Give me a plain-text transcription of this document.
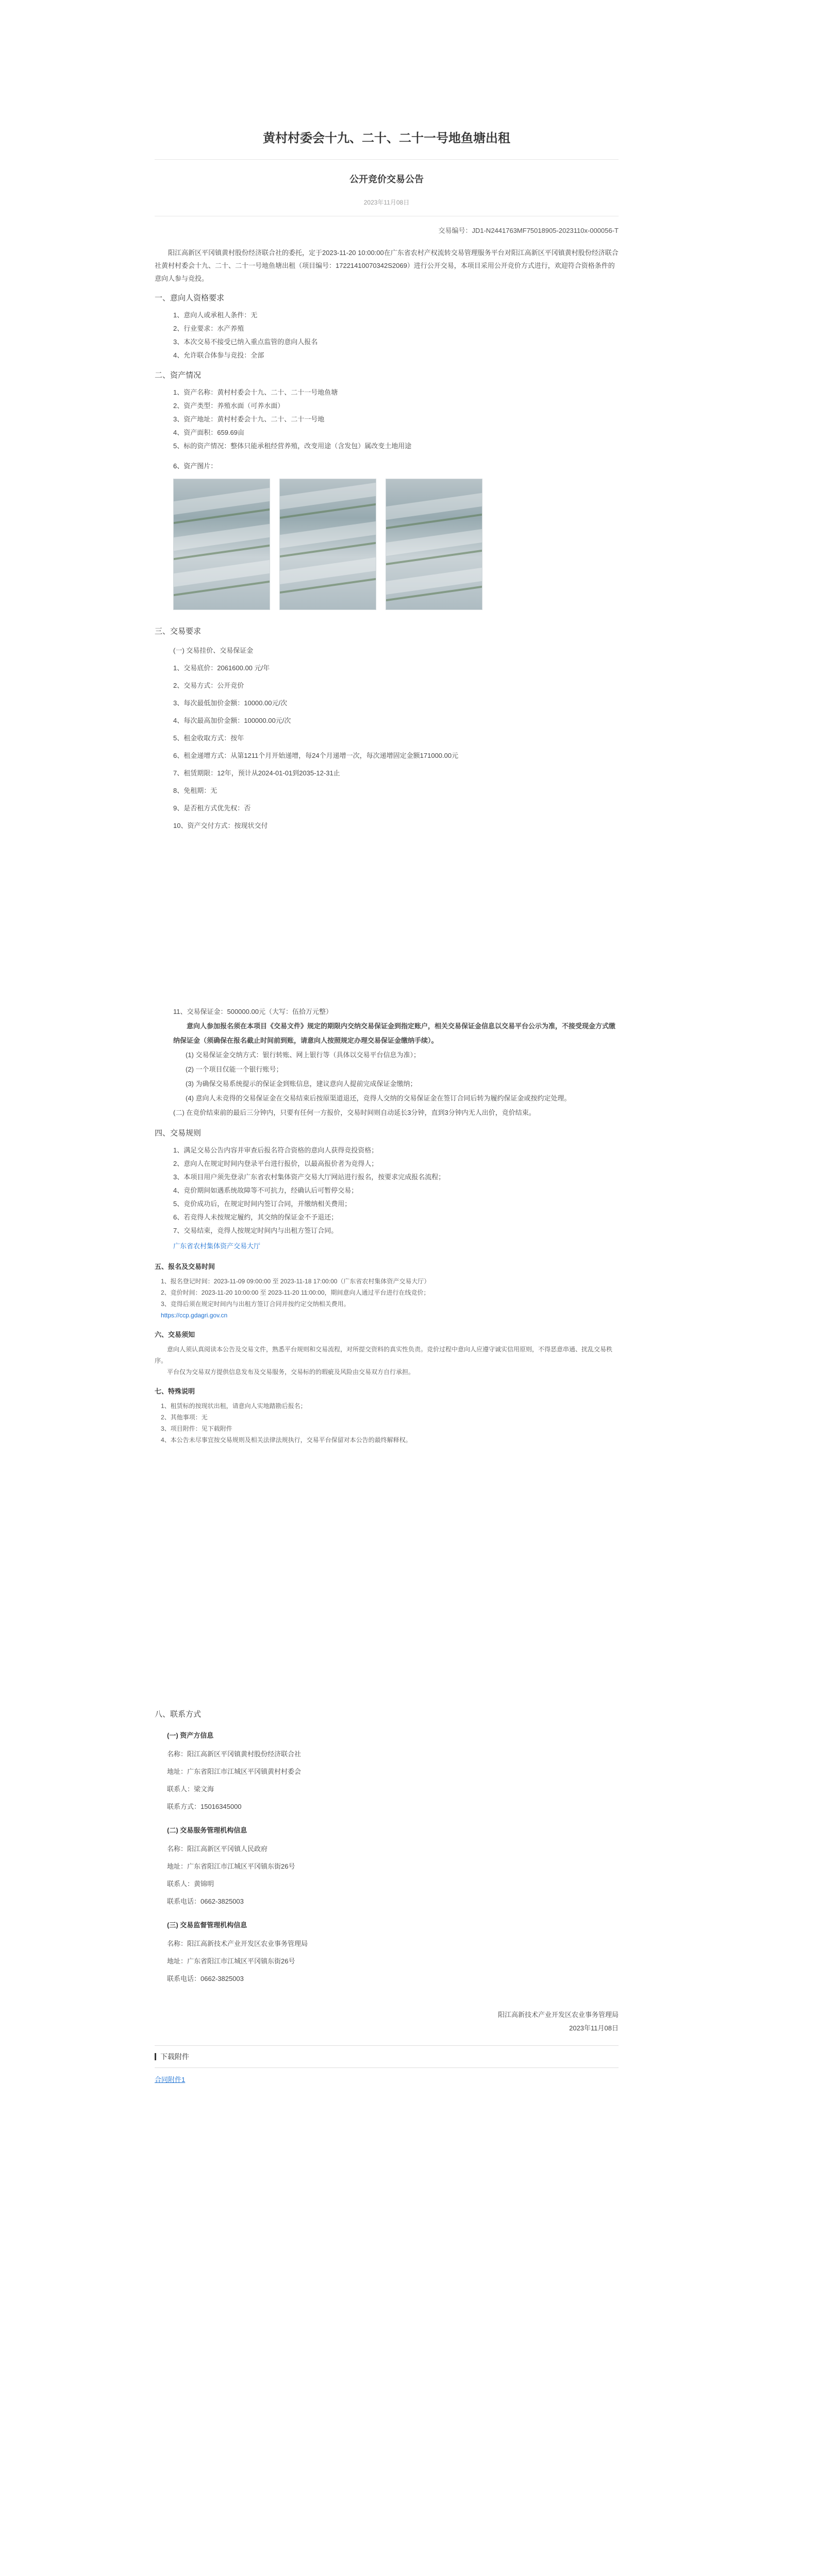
黄村村委会十九、二十、二十一号地鱼塘出租
公开竞价交易公告
2023年11月08日
交易编号：JD1-N2441763MF75018905-2023110x-000056-T

阳江高新区平冈镇黄村股份经济联合社的委托，定于2023-11-20 10:00:00在广东省农村产权流转交易管理服务平台对阳江高新区平冈镇黄村股份经济联合社黄村村委会十九、二十、二十一号地鱼塘出租（项目编号：17221410070342S2069）进行公开交易，本项目采用公开竞价方式进行，欢迎符合资格条件的意向人参与竞投。

一、意向人资格要求
1、意向人或承租人条件：无
2、行业要求：水产养殖
3、本次交易不接受已纳入重点监管的意向人报名
4、允许联合体参与竞投：全部
二、资产情况
1、资产名称：黄村村委会十九、二十、二十一号地鱼塘
2、资产类型：养殖水面（可养水面）
3、资产地址：黄村村委会十九、二十、二十一号地
4、资产面积：659.69亩
5、标的资产情况：整体只能承租经营养殖，改变用途（含发包）属改变土地用途
6、资产图片：
三、交易要求
(一) 交易挂价、交易保证金
1、交易底价：2061600.00 元/年
2、交易方式：公开竞价
3、每次最低加价金额：10000.00元/次
4、每次最高加价金额：100000.00元/次
5、租金收取方式：按年
6、租金递增方式：从第1211个月开始递增，每24个月递增一次，每次递增固定金额171000.00元
7、租赁期限：12年，预计从2024-01-01到2035-12-31止
8、免租期：无
9、是否租方式优先权：否
10、资产交付方式：按现状交付

11、交易保证金：500000.00元（大写：伍拾万元整）

意向人参加报名须在本项目《交易文件》规定的期限内交纳交易保证金到指定账户，相关交易保证金信息以交易平台公示为准，不接受现金方式缴纳保证金（须确保在报名截止时间前到账，请意向人按照规定办理交易保证金缴纳手续）。

(1) 交易保证金交纳方式：银行转账、网上银行等（具体以交易平台信息为准）；

(2) 一个项目仅能一个银行账号；

(3) 为确保交易系统提示的保证金到账信息，建议意向人提前完成保证金缴纳；

(4) 意向人未竞得的交易保证金在交易结束后按原渠道退还，竞得人交纳的交易保证金在签订合同后转为履约保证金或按约定处理。

(二) 在竞价结束前的最后三分钟内，只要有任何一方报价，交易时间则自动延长3分钟，直到3分钟内无人出价，竞价结束。

四、交易规则
1、满足交易公告内容并审查后报名符合资格的意向人获得竞投资格；
2、意向人在规定时间内登录平台进行报价，以最高报价者为竞得人；
3、本项目用户须先登录广东省农村集体资产交易大厅网站进行报名，按要求完成报名流程；
4、竞价期间如遇系统故障等不可抗力，经确认后可暂停交易；
5、竞价成功后，在规定时间内签订合同，并缴纳相关费用；
6、若竞得人未按规定履约，其交纳的保证金不予退还；
7、交易结束，竞得人按规定时间内与出租方签订合同。
广东省农村集体资产交易大厅
五、报名及交易时间

1、报名登记时间：2023-11-09 09:00:00 至 2023-11-18 17:00:00（广东省农村集体资产交易大厅）

2、竞价时间：2023-11-20 10:00:00 至 2023-11-20 11:00:00，期间意向人通过平台进行在线竞价；

3、竞得后须在规定时间内与出租方签订合同并按约定交纳相关费用。

https://ccp.gdagri.gov.cn

六、交易须知

意向人须认真阅读本公告及交易文件，熟悉平台规则和交易流程，对所提交资料的真实性负责。竞价过程中意向人应遵守诚实信用原则，不得恶意串通、扰乱交易秩序。

平台仅为交易双方提供信息发布及交易服务，交易标的的瑕疵及风险由交易双方自行承担。

七、特殊说明

1、租赁标的按现状出租，请意向人实地踏勘后报名；

2、其他事项：无

3、项目附件：见下载附件

4、本公告未尽事宜按交易规则及相关法律法规执行，交易平台保留对本公告的最终解释权。

八、联系方式
(一) 资产方信息
名称：阳江高新区平冈镇黄村股份经济联合社
地址：广东省阳江市江城区平冈镇黄村村委会
联系人：梁文海
联系方式：15016345000
(二) 交易服务管理机构信息
名称：阳江高新区平冈镇人民政府
地址：广东省阳江市江城区平冈镇东街26号
联系人：黄锦明
联系电话：0662-3825003
(三) 交易监督管理机构信息
名称：阳江高新技术产业开发区农业事务管理局
地址：广东省阳江市江城区平冈镇东街26号
联系电话：0662-3825003
阳江高新技术产业开发区农业事务管理局
2023年11月08日
下载附件
合同附件1
